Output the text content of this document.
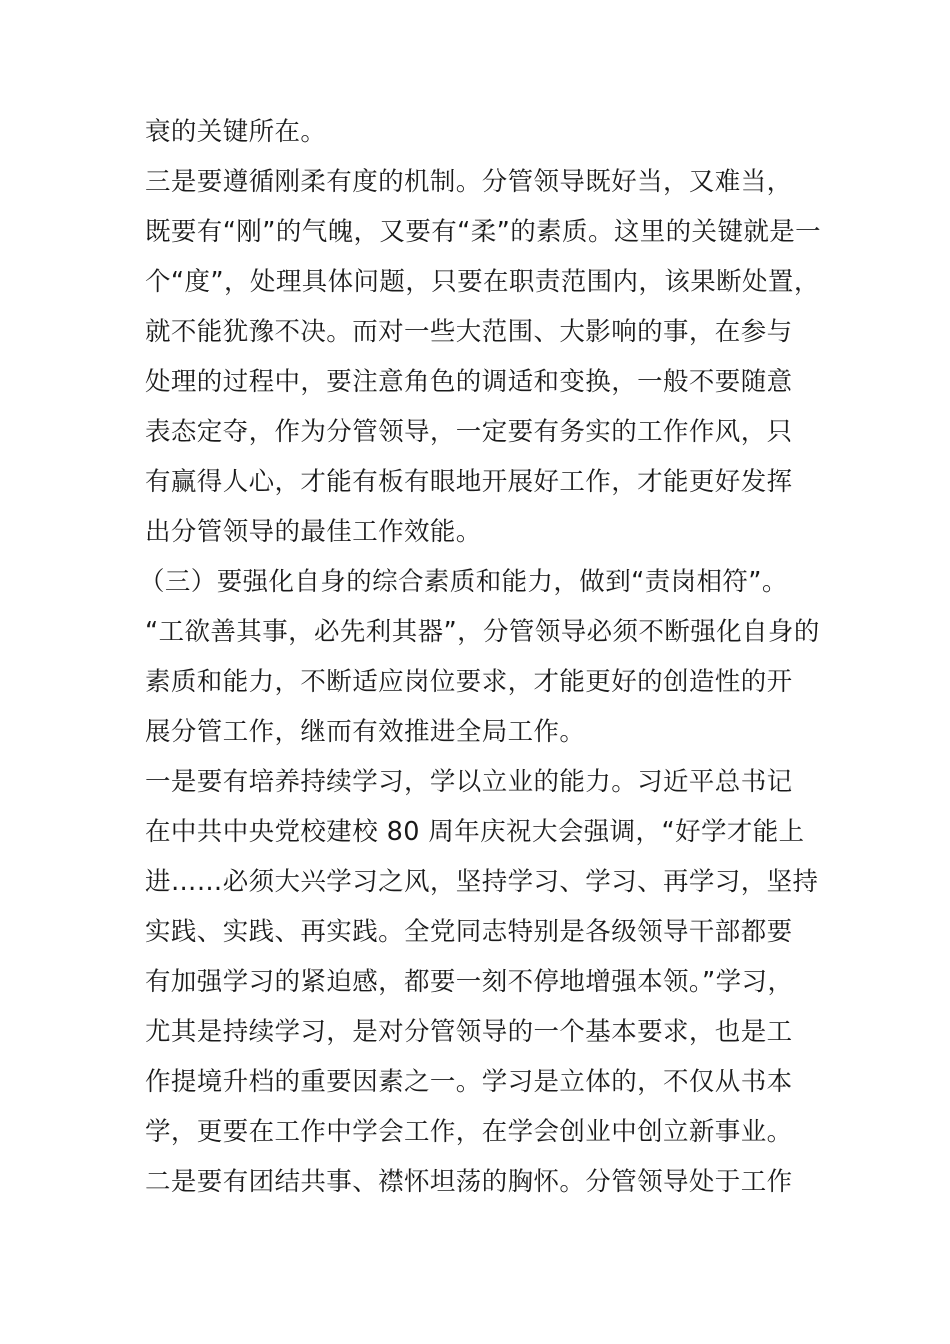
衰的关键所在。
三是要遵循刚柔有度的机制。分管领导既好当，又难当，
既要有“刚”的气魄，又要有“柔”的素质。这里的关键就是一
个“度”，处理具体问题，只要在职责范围内，该果断处置，
就不能犹豫不决。而对一些大范围、大影响的事，在参与
处理的过程中，要注意角色的调适和变换，一般不要随意
表态定夺，作为分管领导，一定要有务实的工作作风，只
有赢得人心，才能有板有眼地开展好工作，才能更好发挥
出分管领导的最佳工作效能。
（三）要强化自身的综合素质和能力，做到“责岗相符”。
“工欲善其事，必先利其器”，分管领导必须不断强化自身的
素质和能力，不断适应岗位要求，才能更好的创造性的开
展分管工作，继而有效推进全局工作。
一是要有培养持续学习，学以立业的能力。习近平总书记
在中共中央党校建校 80 周年庆祝大会强调，“好学才能上
进……必须大兴学习之风，坚持学习、学习、再学习，坚持
实践、实践、再实践。全党同志特别是各级领导干部都要
有加强学习的紧迫感，都要一刻不停地增强本领。”学习，
尤其是持续学习，是对分管领导的一个基本要求，也是工
作提境升档的重要因素之一。学习是立体的，不仅从书本
学，更要在工作中学会工作，在学会创业中创立新事业。
二是要有团结共事、襟怀坦荡的胸怀。分管领导处于工作
